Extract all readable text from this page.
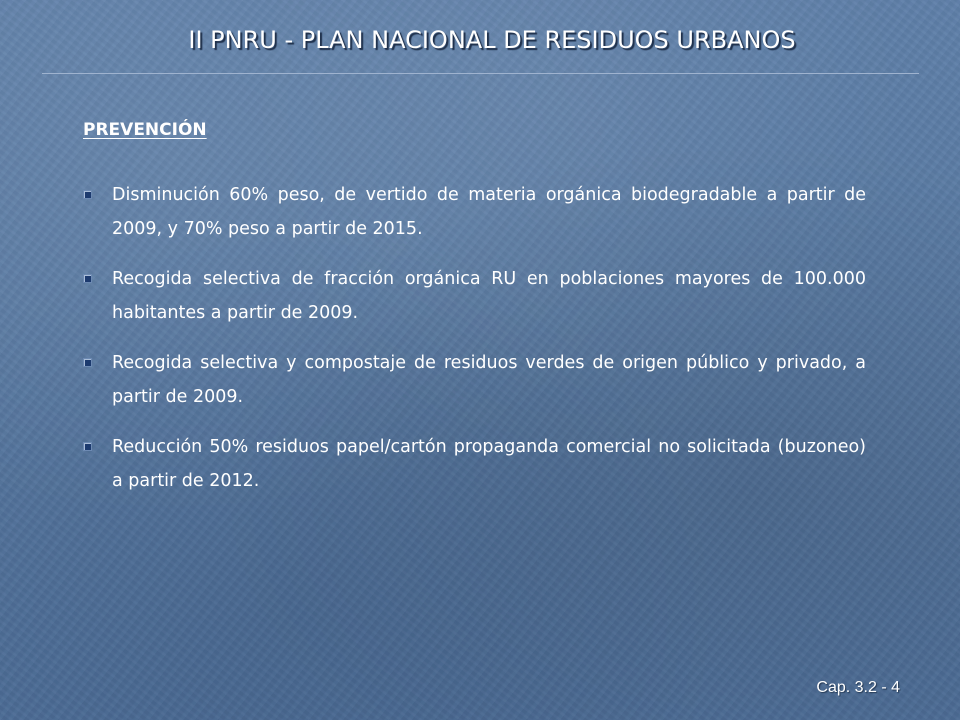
II PNRU - PLAN NACIONAL DE RESIDUOS URBANOS
PREVENCIÓN
Disminución 60% peso, de vertido de materia orgánica biodegradable a partir de 2009, y 70% peso a partir de 2015.
Recogida selectiva de fracción orgánica RU en poblaciones mayores de 100.000 habitantes a partir de 2009.
Recogida selectiva y compostaje de residuos verdes de origen público y privado, a partir de 2009.
Reducción 50% residuos papel/cartón propaganda comercial no solicitada (buzoneo) a partir de 2012.
Cap. 3.2 - 4
